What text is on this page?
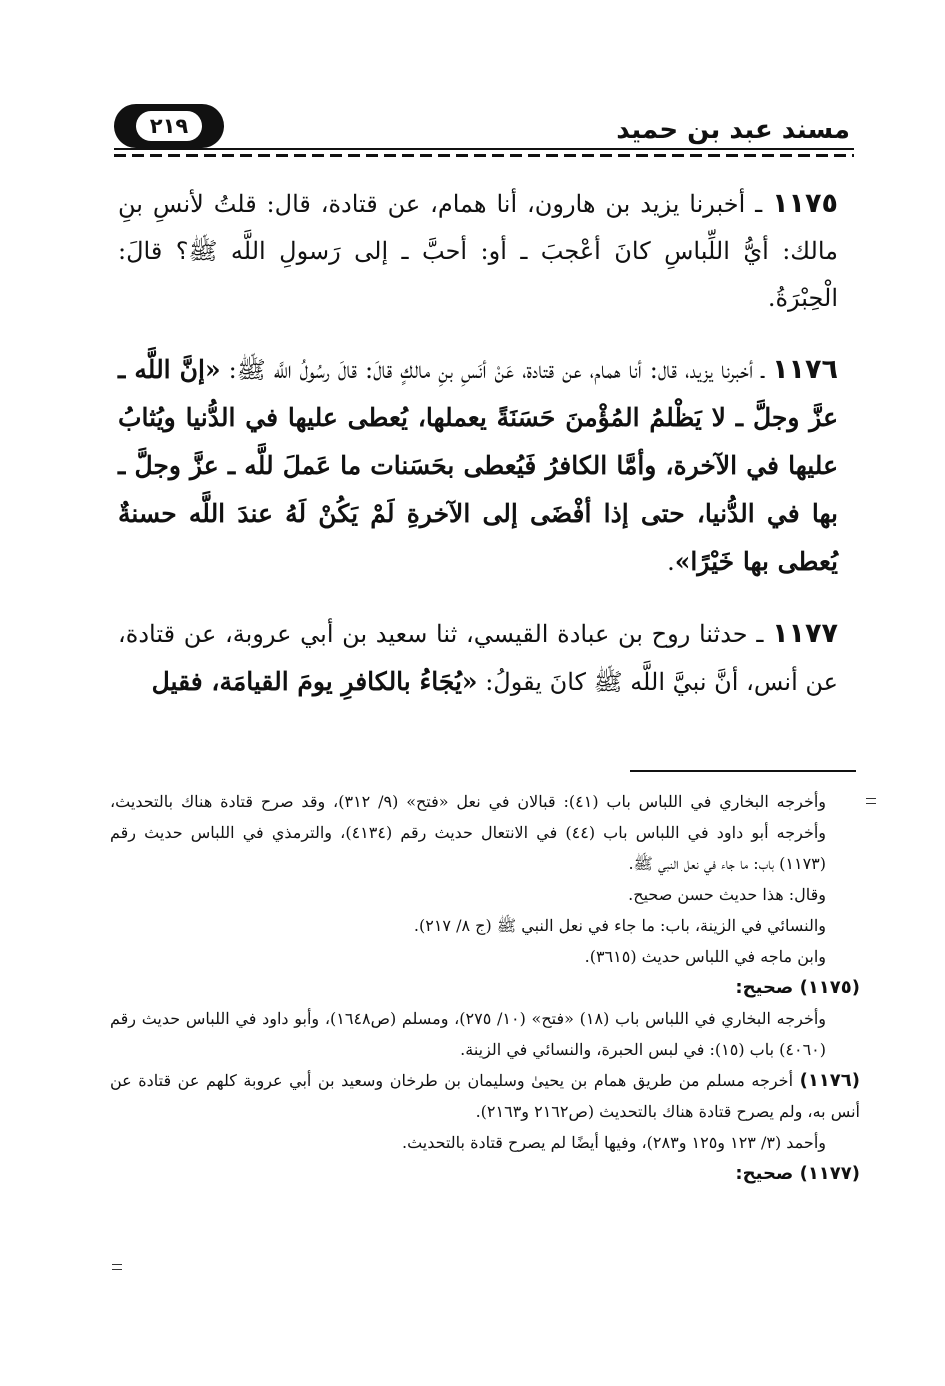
٢١٩	مسند عبد بن حميد

١١٧٥ ـ أخبرنا يزيد بن هارون، أنا همام، عن قتادة، قال: قلتُ لأنسِ بنِ مالك: أيُّ اللِّباسِ كانَ أعْجبَ ـ أو: أحبَّ ـ إلى رَسولِ اللَّه ﷺ؟ قالَ: الْحِبْرَةُ.

١١٧٦ ـ أخبرنا يزيد، قال: أنا همام، عن قتادة، عَنْ أنَسِ بنِ مالكٍ قالَ: قالَ رسُولُ اللَّه ﷺ: «إنَّ اللَّه ـ عزَّ وجلَّ ـ لا يَظْلمُ المُؤْمنَ حَسَنَةً يعملها، يُعطى عليها في الدُّنيا ويُثابُ عليها في الآخرة، وأمَّا الكافرُ فَيُعطى بحَسَنات ما عَملَ للَّه ـ عزَّ وجلَّ ـ بها في الدُّنيا، حتى إذا أفْضَى إلى الآخرةِ لَمْ يَكُنْ لَهُ عندَ اللَّه حسنةٌ يُعطى بها خَيْرًا».

١١٧٧ ـ حدثنا روح بن عبادة القيسي، ثنا سعيد بن أبي عروبة، عن قتادة، عن أنس، أنَّ نبيَّ اللَّه ﷺ كانَ يقولُ: «يُجَاءُ بالكافرِ يومَ القيامَة، فقيل

وأخرجه البخاري في اللباس باب (٤١): قبالان في نعل «فتح» (٩/ ٣١٢)، وقد صرح قتادة هناك بالتحديث، وأخرجه أبو داود في اللباس باب (٤٤) في الانتعال حديث رقم (٤١٣٤)، والترمذي في اللباس حديث رقم (١١٧٣) باب: ما جاء في نعل النبي ﷺ.

وقال: هذا حديث حسن صحيح.

والنسائي في الزينة، باب: ما جاء في نعل النبي ﷺ (ج ٨/ ٢١٧).

وابن ماجه في اللباس حديث (٣٦١٥).

(١١٧٥) صحيح:

وأخرجه البخاري في اللباس باب (١٨) «فتح» (١٠/ ٢٧٥)، ومسلم (ص١٦٤٨)، وأبو داود في اللباس حديث رقم (٤٠٦٠) باب (١٥): في لبس الحبرة، والنسائي في الزينة.

(١١٧٦) أخرجه مسلم من طريق همام بن يحيىٰ وسليمان بن طرخان وسعيد بن أبي عروبة كلهم عن قتادة عن أنس به، ولم يصرح قتادة هناك بالتحديث (ص٢١٦٢ و٢١٦٣).

وأحمد (٣/ ١٢٣ و١٢٥ و٢٨٣)، وفيها أيضًا لم يصرح قتادة بالتحديث.

(١١٧٧) صحيح:
